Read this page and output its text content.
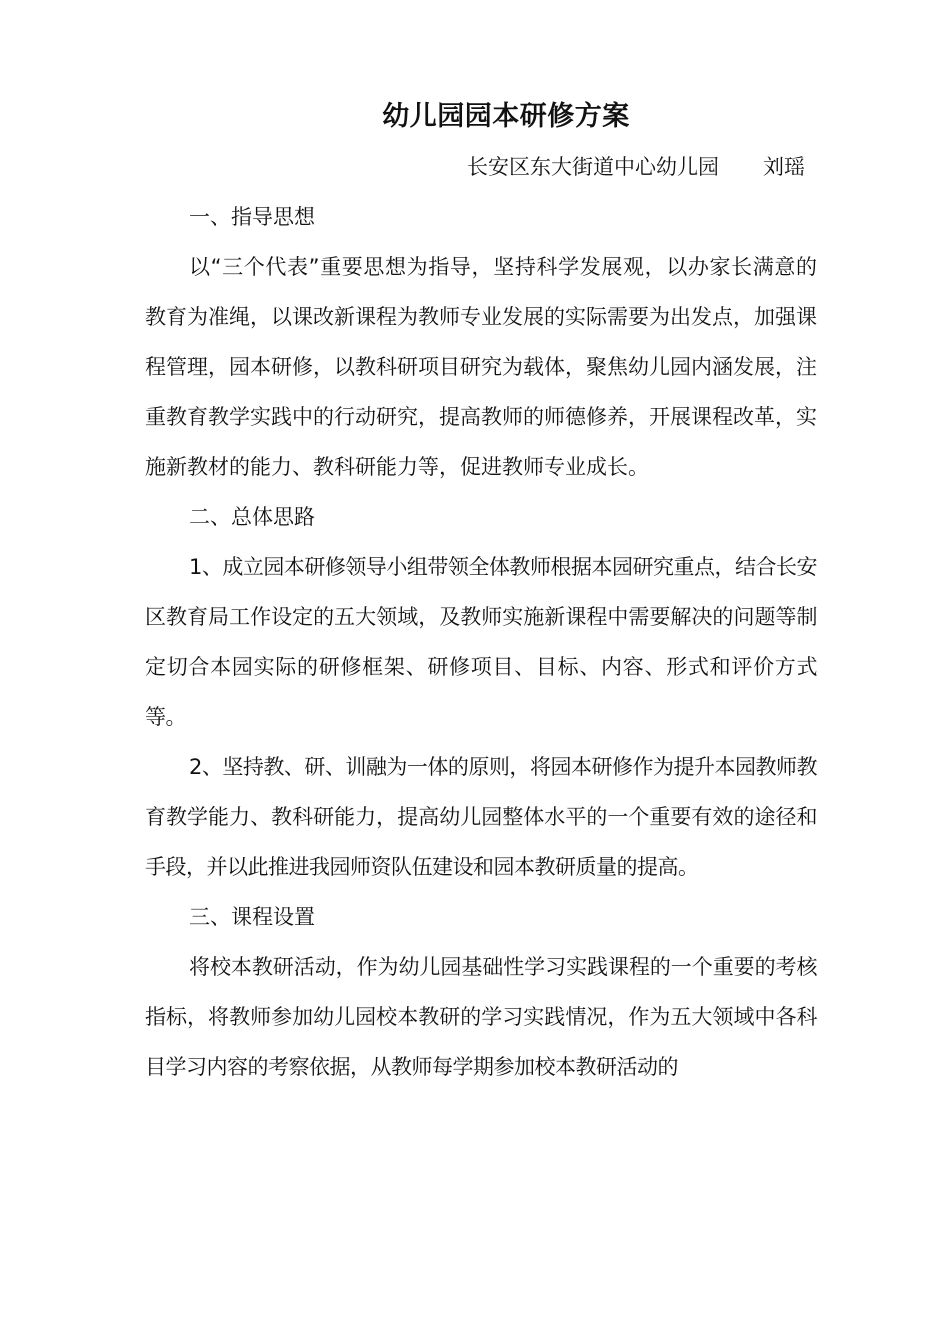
幼儿园园本研修方案

长安区东大街道中心幼儿园 刘瑶

一、指导思想

以“三个代表”重要思想为指导，坚持科学发展观，以办家长满意的教育为准绳，以课改新课程为教师专业发展的实际需要为出发点，加强课程管理，园本研修，以教科研项目研究为载体，聚焦幼儿园内涵发展，注重教育教学实践中的行动研究，提高教师的师德修养，开展课程改革，实施新教材的能力、教科研能力等，促进教师专业成长。

二、总体思路

1、成立园本研修领导小组带领全体教师根据本园研究重点，结合长安区教育局工作设定的五大领域，及教师实施新课程中需要解决的问题等制定切合本园实际的研修框架、研修项目、目标、内容、形式和评价方式等。

2、坚持教、研、训融为一体的原则，将园本研修作为提升本园教师教育教学能力、教科研能力，提高幼儿园整体水平的一个重要有效的途径和手段，并以此推进我园师资队伍建设和园本教研质量的提高。

三、课程设置

将校本教研活动，作为幼儿园基础性学习实践课程的一个重要的考核指标，将教师参加幼儿园校本教研的学习实践情况，作为五大领域中各科目学习内容的考察依据，从教师每学期参加校本教研活动的
